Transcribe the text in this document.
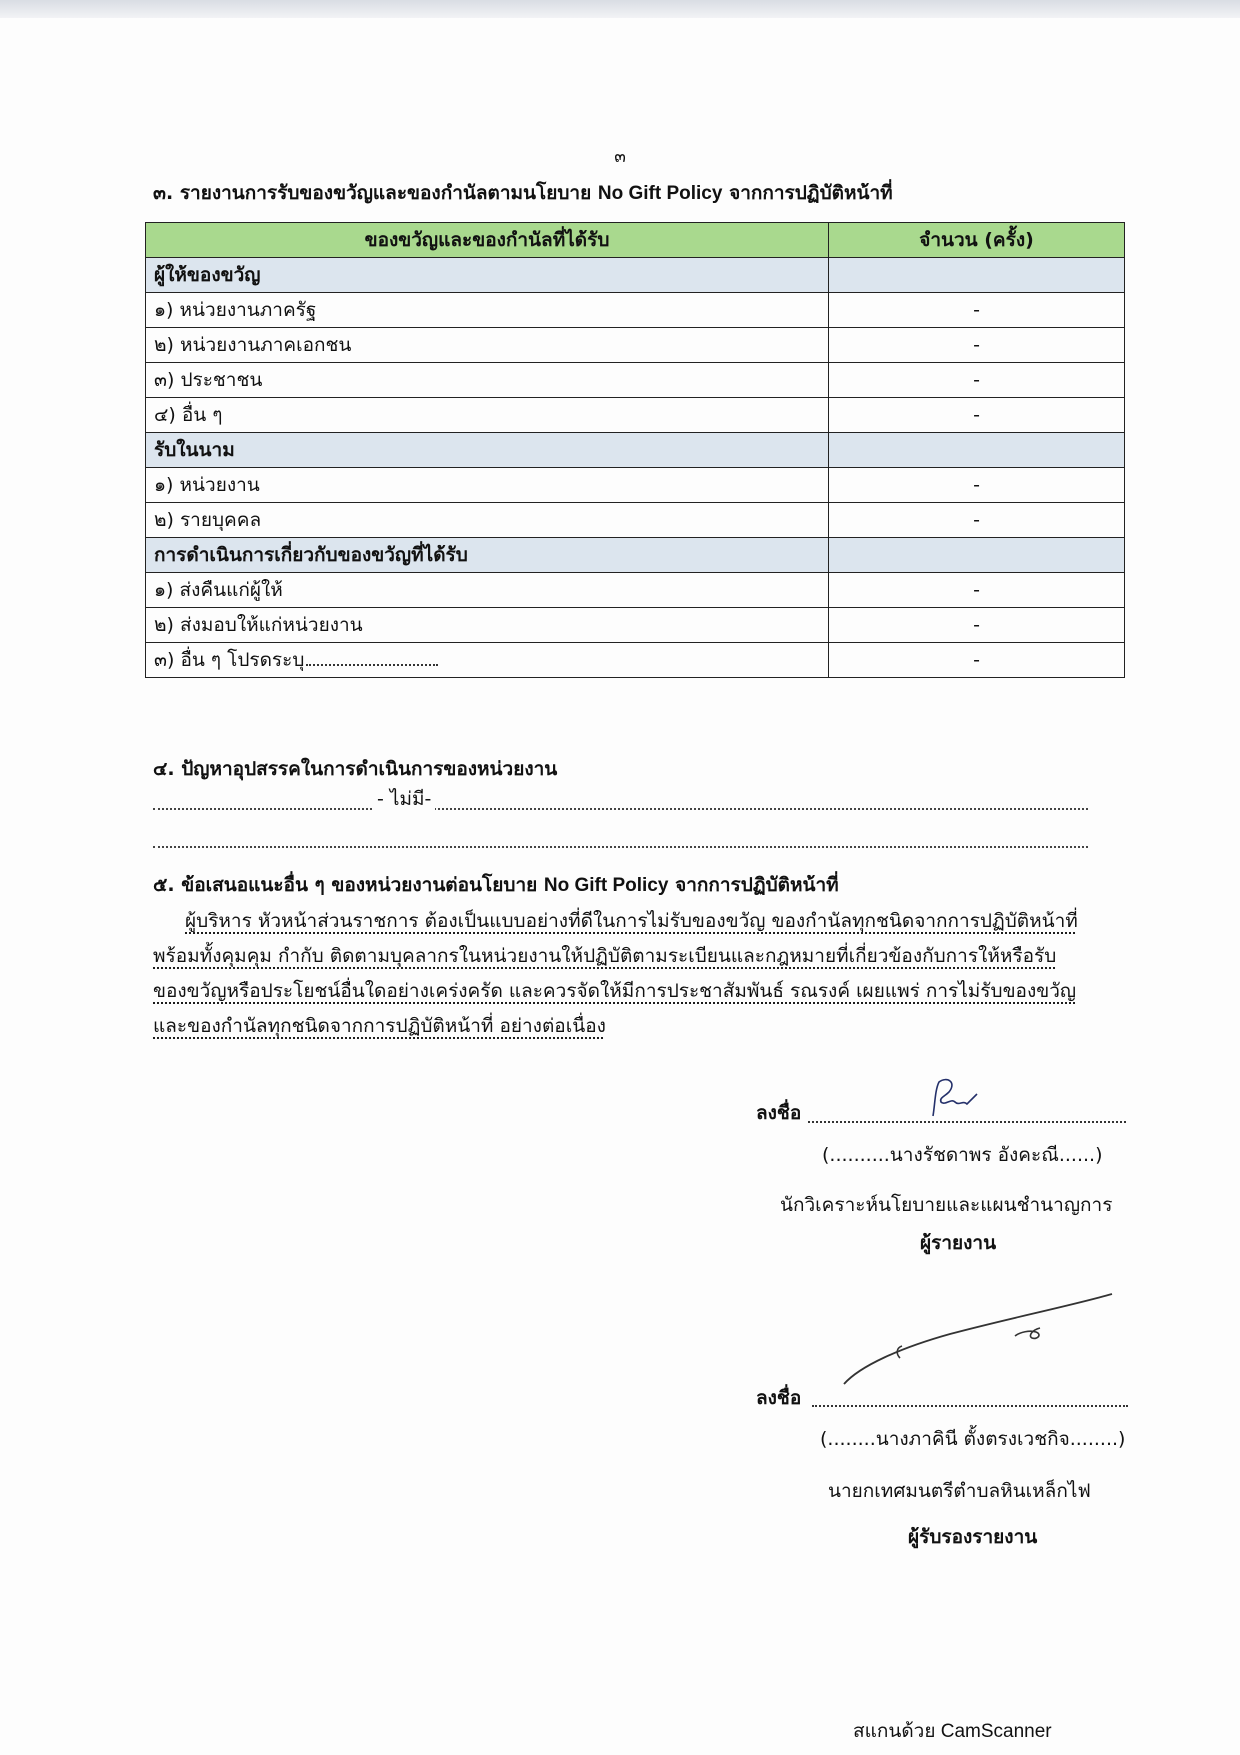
๓
๓. รายงานการรับของขวัญและของกำนัลตามนโยบาย No Gift Policy จากการปฏิบัติหน้าที่
ของขวัญและของกำนัลที่ได้รับ	จำนวน (ครั้ง)
ผู้ให้ของขวัญ	
๑) หน่วยงานภาครัฐ	-
๒) หน่วยงานภาคเอกชน	-
๓) ประชาชน	-
๔) อื่น ๆ	-
รับในนาม	
๑) หน่วยงาน	-
๒) รายบุคคล	-
การดำเนินการเกี่ยวกับของขวัญที่ได้รับ	
๑) ส่งคืนแก่ผู้ให้	-
๒) ส่งมอบให้แก่หน่วยงาน	-
๓) อื่น ๆ โปรดระบุ	-
๔. ปัญหาอุปสรรคในการดำเนินการของหน่วยงาน
- ไม่มี-
๕. ข้อเสนอแนะอื่น ๆ ของหน่วยงานต่อนโยบาย No Gift Policy จากการปฏิบัติหน้าที่
ผู้บริหาร หัวหน้าส่วนราชการ ต้องเป็นแบบอย่างที่ดีในการไม่รับของขวัญ ของกำนัลทุกชนิดจากการปฏิบัติหน้าที่
พร้อมทั้งคุมคุม กำกับ ติดตามบุคลากรในหน่วยงานให้ปฏิบัติตามระเบียนและกฎหมายที่เกี่ยวข้องกับการให้หรือรับ
ของขวัญหรือประโยชน์อื่นใดอย่างเคร่งครัด และควรจัดให้มีการประชาสัมพันธ์ รณรงค์ เผยแพร่ การไม่รับของขวัญ
และของกำนัลทุกชนิดจากการปฏิบัติหน้าที่ อย่างต่อเนื่อง
ลงชื่อ
(..........นางรัชดาพร อังคะณี......)
นักวิเคราะห์นโยบายและแผนชำนาญการ
ผู้รายงาน
ลงชื่อ
(........นางภาคินี ตั้งตรงเวชกิจ........)
นายกเทศมนตรีตำบลหินเหล็กไฟ
ผู้รับรองรายงาน
สแกนด้วย CamScanner
